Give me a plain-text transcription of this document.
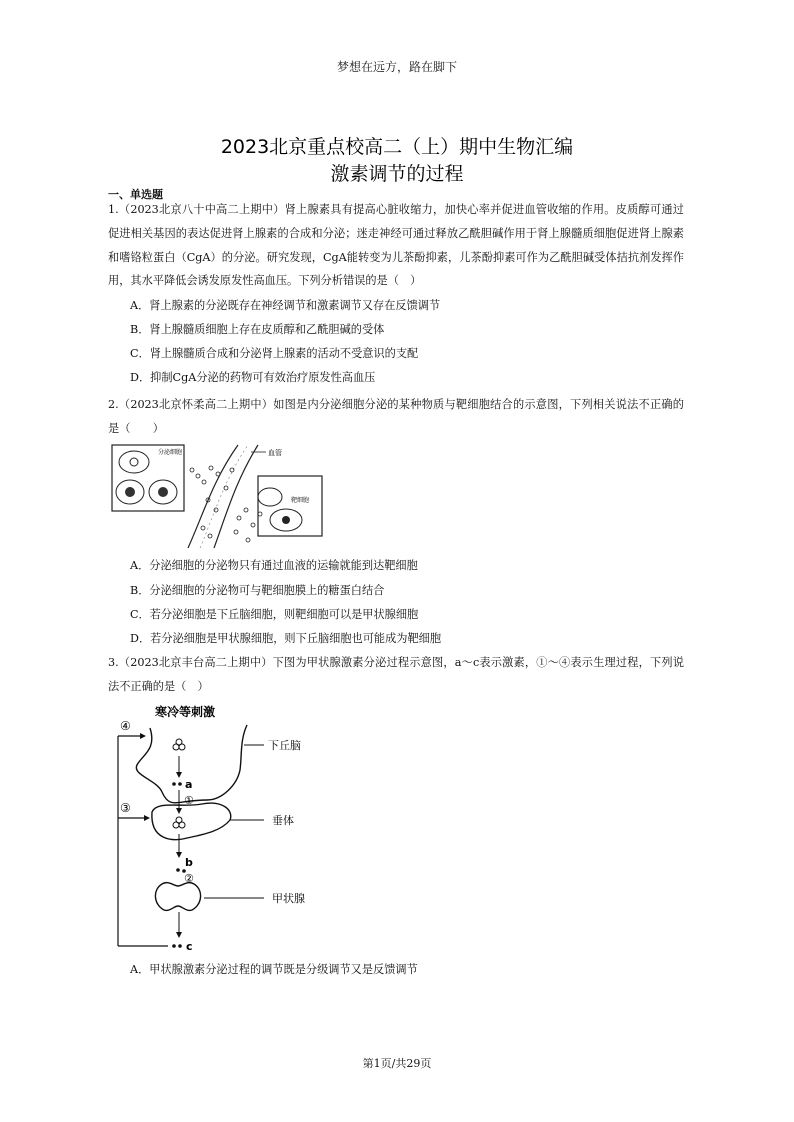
梦想在远方，路在脚下
2023北京重点校高二（上）期中生物汇编
激素调节的过程
一、单选题
1.（2023北京八十中高二上期中）肾上腺素具有提高心脏收缩力，加快心率并促进血管收缩的作用。皮质醇可通过促进相关基因的表达促进肾上腺素的合成和分泌；迷走神经可通过释放乙酰胆碱作用于肾上腺髓质细胞促进肾上腺素和嗜铬粒蛋白（CgA）的分泌。研究发现，CgA能转变为儿茶酚抑素，儿茶酚抑素可作为乙酰胆碱受体拮抗剂发挥作用，其水平降低会诱发原发性高血压。下列分析错误的是（　）
A．肾上腺素的分泌既存在神经调节和激素调节又存在反馈调节
B．肾上腺髓质细胞上存在皮质醇和乙酰胆碱的受体
C．肾上腺髓质合成和分泌肾上腺素的活动不受意识的支配
D．抑制CgA分泌的药物可有效治疗原发性高血压
2.（2023北京怀柔高二上期中）如图是内分泌细胞分泌的某种物质与靶细胞结合的示意图，下列相关说法不正确的是（　　）
分泌细胞	血管
靶细胞
A．分泌细胞的分泌物只有通过血液的运输就能到达靶细胞
B．分泌细胞的分泌物可与靶细胞膜上的糖蛋白结合
C．若分泌细胞是下丘脑细胞，则靶细胞可以是甲状腺细胞
D．若分泌细胞是甲状腺细胞，则下丘脑细胞也可能成为靶细胞
3.（2023北京丰台高二上期中）下图为甲状腺激素分泌过程示意图，a～c表示激素，①～④表示生理过程，下列说法不正确的是（　）
寒冷等刺激
下丘脑
a
①
垂体
b
②
甲状腺
c
④
③
A．甲状腺激素分泌过程的调节既是分级调节又是反馈调节
第1页/共29页
